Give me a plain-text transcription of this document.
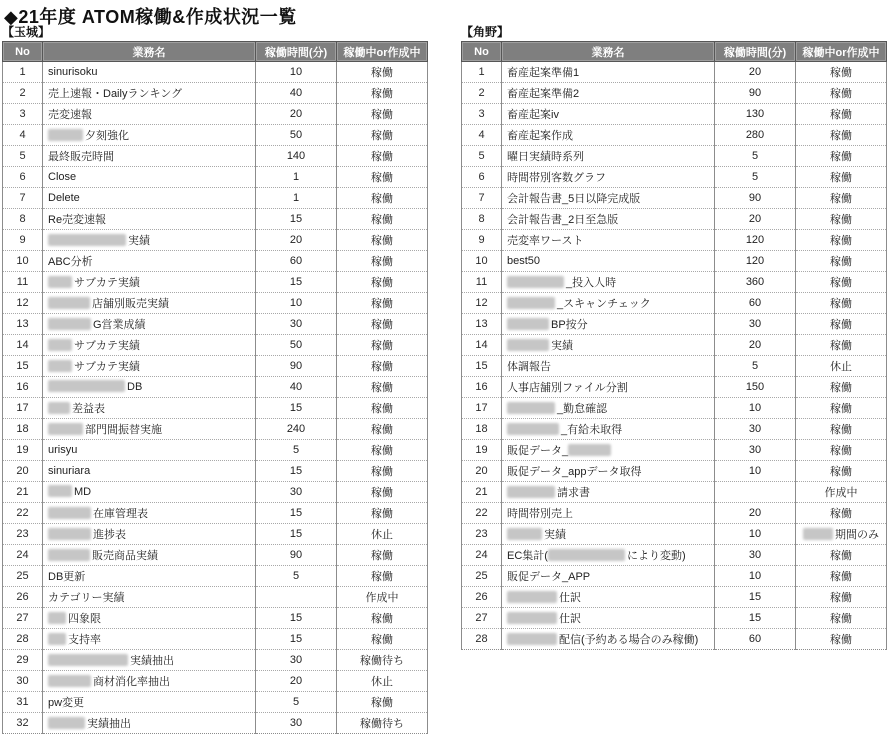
◆21年度 ATOM稼働&作成状況一覧
【玉城】
No	業務名	稼働時間(分)	稼働中or作成中
1	sinurisoku	10	稼働
2	売上速報・Dailyランキング	40	稼働
3	売変速報	20	稼働
4	夕刻強化	50	稼働
5	最終販売時間	140	稼働
6	Close	1	稼働
7	Delete	1	稼働
8	Re売変速報	15	稼働
9	実績	20	稼働
10	ABC分析	60	稼働
11	サブカテ実績	15	稼働
12	店舗別販売実績	10	稼働
13	G営業成績	30	稼働
14	サブカテ実績	50	稼働
15	サブカテ実績	90	稼働
16	DB	40	稼働
17	差益表	15	稼働
18	部門間振替実施	240	稼働
19	urisyu	5	稼働
20	sinuriara	15	稼働
21	MD	30	稼働
22	在庫管理表	15	稼働
23	進捗表	15	休止
24	販売商品実績	90	稼働
25	DB更新	5	稼働
26	カテゴリー実績		作成中
27	四象限	15	稼働
28	支持率	15	稼働
29	実績抽出	30	稼働待ち
30	商材消化率抽出	20	休止
31	pw変更	5	稼働
32	実績抽出	30	稼働待ち
【角野】
No	業務名	稼働時間(分)	稼働中or作成中
1	畜産起案準備1	20	稼働
2	畜産起案準備2	90	稼働
3	畜産起案iv	130	稼働
4	畜産起案作成	280	稼働
5	曜日実績時系列	5	稼働
6	時間帯別客数グラフ	5	稼働
7	会計報告書_5日以降完成版	90	稼働
8	会計報告書_2日至急版	20	稼働
9	売変率ワースト	120	稼働
10	best50	120	稼働
11	_投入人時	360	稼働
12	_スキャンチェック	60	稼働
13	BP按分	30	稼働
14	実績	20	稼働
15	体調報告	5	休止
16	人事店舗別ファイル分割	150	稼働
17	_勤怠確認	10	稼働
18	_有給未取得	30	稼働
19	販促データ_	30	稼働
20	販促データ_appデータ取得	10	稼働
21	請求書		作成中
22	時間帯別売上	20	稼働
23	実績	10	期間のみ
24	EC集計( により変動)	30	稼働
25	販促データ_APP	10	稼働
26	仕訳	15	稼働
27	仕訳	15	稼働
28	配信(予約ある場合のみ稼働)	60	稼働
